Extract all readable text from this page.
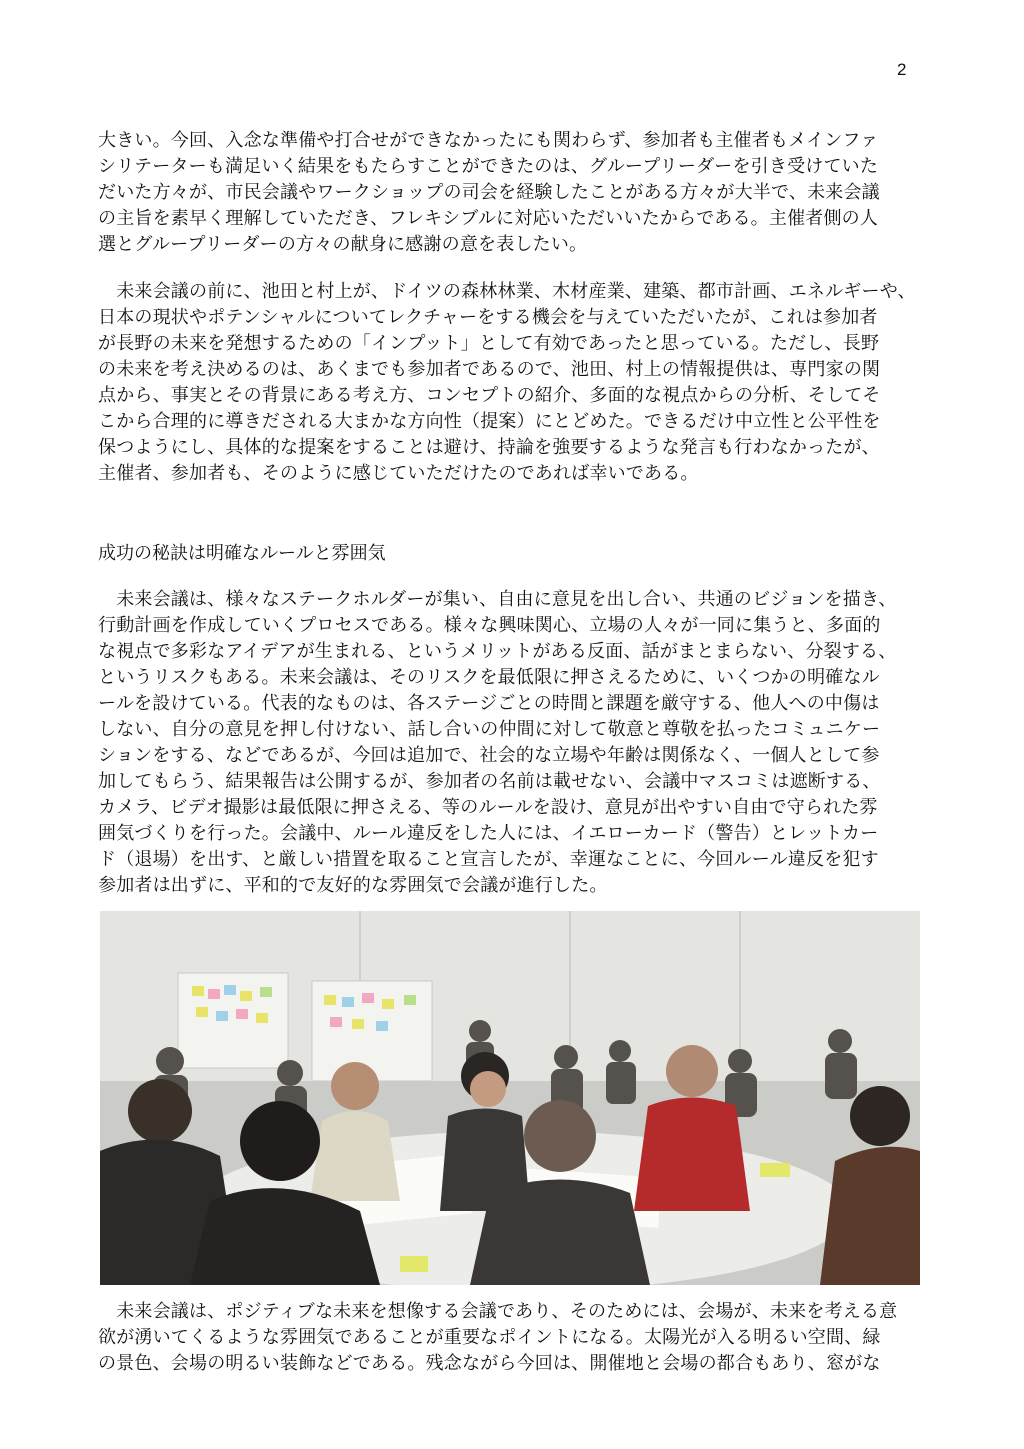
2
大きい。今回、入念な準備や打合せができなかったにも関わらず、参加者も主催者もメインファ
シリテーターも満足いく結果をもたらすことができたのは、グループリーダーを引き受けていた
だいた方々が、市民会議やワークショップの司会を経験したことがある方々が大半で、未来会議
の主旨を素早く理解していただき、フレキシブルに対応いただいいたからである。主催者側の人
選とグループリーダーの方々の献身に感謝の意を表したい。
　未来会議の前に、池田と村上が、ドイツの森林林業、木材産業、建築、都市計画、エネルギーや、
日本の現状やポテンシャルについてレクチャーをする機会を与えていただいたが、これは参加者
が長野の未来を発想するための「インプット」として有効であったと思っている。ただし、長野
の未来を考え決めるのは、あくまでも参加者であるので、池田、村上の情報提供は、専門家の関
点から、事実とその背景にある考え方、コンセプトの紹介、多面的な視点からの分析、そしてそ
こから合理的に導きだされる大まかな方向性（提案）にとどめた。できるだけ中立性と公平性を
保つようにし、具体的な提案をすることは避け、持論を強要するような発言も行わなかったが、
主催者、参加者も、そのように感じていただけたのであれば幸いである。
成功の秘訣は明確なルールと雰囲気
　未来会議は、様々なステークホルダーが集い、自由に意見を出し合い、共通のビジョンを描き、
行動計画を作成していくプロセスである。様々な興味関心、立場の人々が一同に集うと、多面的
な視点で多彩なアイデアが生まれる、というメリットがある反面、話がまとまらない、分裂する、
というリスクもある。未来会議は、そのリスクを最低限に押さえるために、いくつかの明確なル
ールを設けている。代表的なものは、各ステージごとの時間と課題を厳守する、他人への中傷は
しない、自分の意見を押し付けない、話し合いの仲間に対して敬意と尊敬を払ったコミュニケー
ションをする、などであるが、今回は追加で、社会的な立場や年齢は関係なく、一個人として参
加してもらう、結果報告は公開するが、参加者の名前は載せない、会議中マスコミは遮断する、
カメラ、ビデオ撮影は最低限に押さえる、等のルールを設け、意見が出やすい自由で守られた雰
囲気づくりを行った。会議中、ルール違反をした人には、イエローカード（警告）とレットカー
ド（退場）を出す、と厳しい措置を取ること宣言したが、幸運なことに、今回ルール違反を犯す
参加者は出ずに、平和的で友好的な雰囲気で会議が進行した。
　未来会議は、ポジティブな未来を想像する会議であり、そのためには、会場が、未来を考える意
欲が湧いてくるような雰囲気であることが重要なポイントになる。太陽光が入る明るい空間、緑
の景色、会場の明るい装飾などである。残念ながら今回は、開催地と会場の都合もあり、窓がな
